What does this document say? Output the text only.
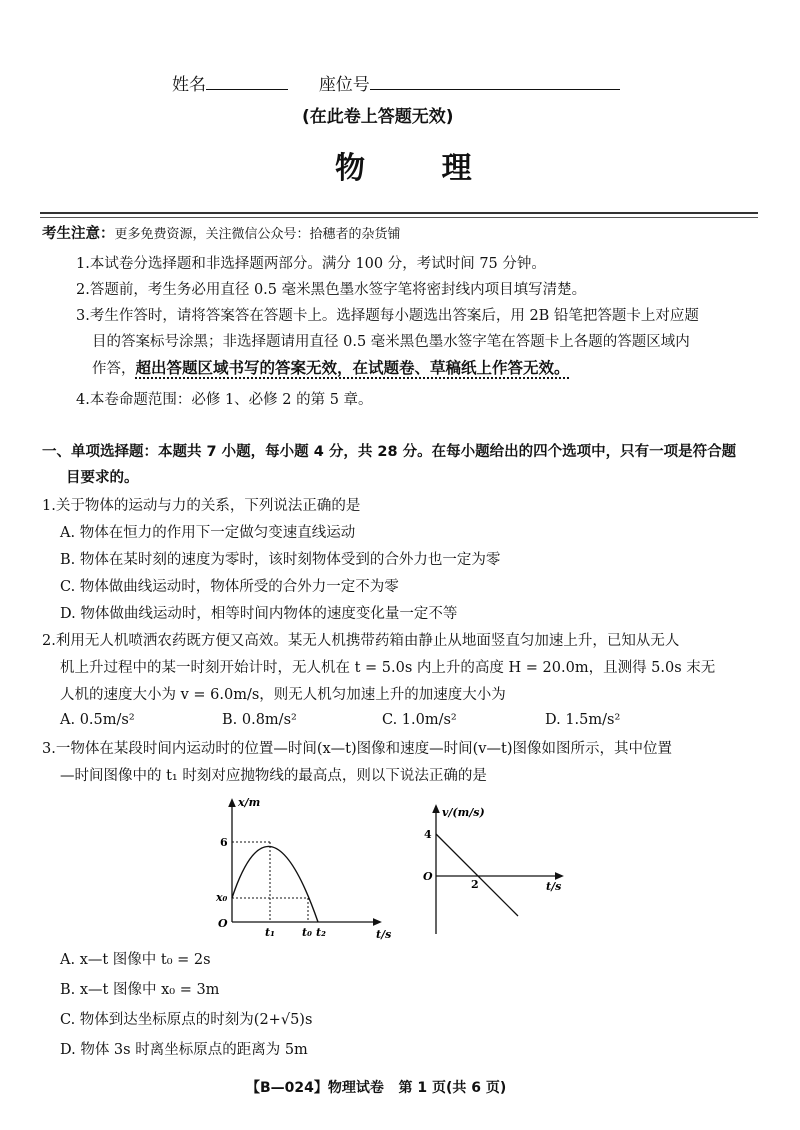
姓名	座位号
(在此卷上答题无效)
物      理
考生注意：更多免费资源，关注微信公众号：拾穗者的杂货铺
1.本试卷分选择题和非选择题两部分。满分 100 分，考试时间 75 分钟。
2.答题前，考生务必用直径 0.5 毫米黑色墨水签字笔将密封线内项目填写清楚。
3.考生作答时，请将答案答在答题卡上。选择题每小题选出答案后，用 2B 铅笔把答题卡上对应题
目的答案标号涂黑；非选择题请用直径 0.5 毫米黑色墨水签字笔在答题卡上各题的答题区域内
作答，超出答题区域书写的答案无效，在试题卷、草稿纸上作答无效。
4.本卷命题范围：必修 1、必修 2 的第 5 章。
一、单项选择题：本题共 7 小题，每小题 4 分，共 28 分。在每小题给出的四个选项中，只有一项是符合题
目要求的。
1.关于物体的运动与力的关系，下列说法正确的是
A. 物体在恒力的作用下一定做匀变速直线运动
B. 物体在某时刻的速度为零时，该时刻物体受到的合外力也一定为零
C. 物体做曲线运动时，物体所受的合外力一定不为零
D. 物体做曲线运动时，相等时间内物体的速度变化量一定不等
2.利用无人机喷洒农药既方便又高效。某无人机携带药箱由静止从地面竖直匀加速上升，已知从无人
机上升过程中的某一时刻开始计时，无人机在 t = 5.0s 内上升的高度 H = 20.0m，且测得 5.0s 末无
人机的速度大小为 v = 6.0m/s，则无人机匀加速上升的加速度大小为
A. 0.5m/s²	B. 0.8m/s²	C. 1.0m/s²	D. 1.5m/s²
3.一物体在某段时间内运动时的位置—时间(x—t)图像和速度—时间(v—t)图像如图所示，其中位置
—时间图像中的 t₁ 时刻对应抛物线的最高点，则以下说法正确的是
x/m
6
x₀
O
t₁ t₀ t₂	t/s
v/(m/s)
4
O
2	t/s
A. x—t 图像中 t₀ = 2s
B. x—t 图像中 x₀ = 3m
C. 物体到达坐标原点的时刻为(2+√5)s
D. 物体 3s 时离坐标原点的距离为 5m
【B—024】物理试卷   第 1 页(共 6 页)
